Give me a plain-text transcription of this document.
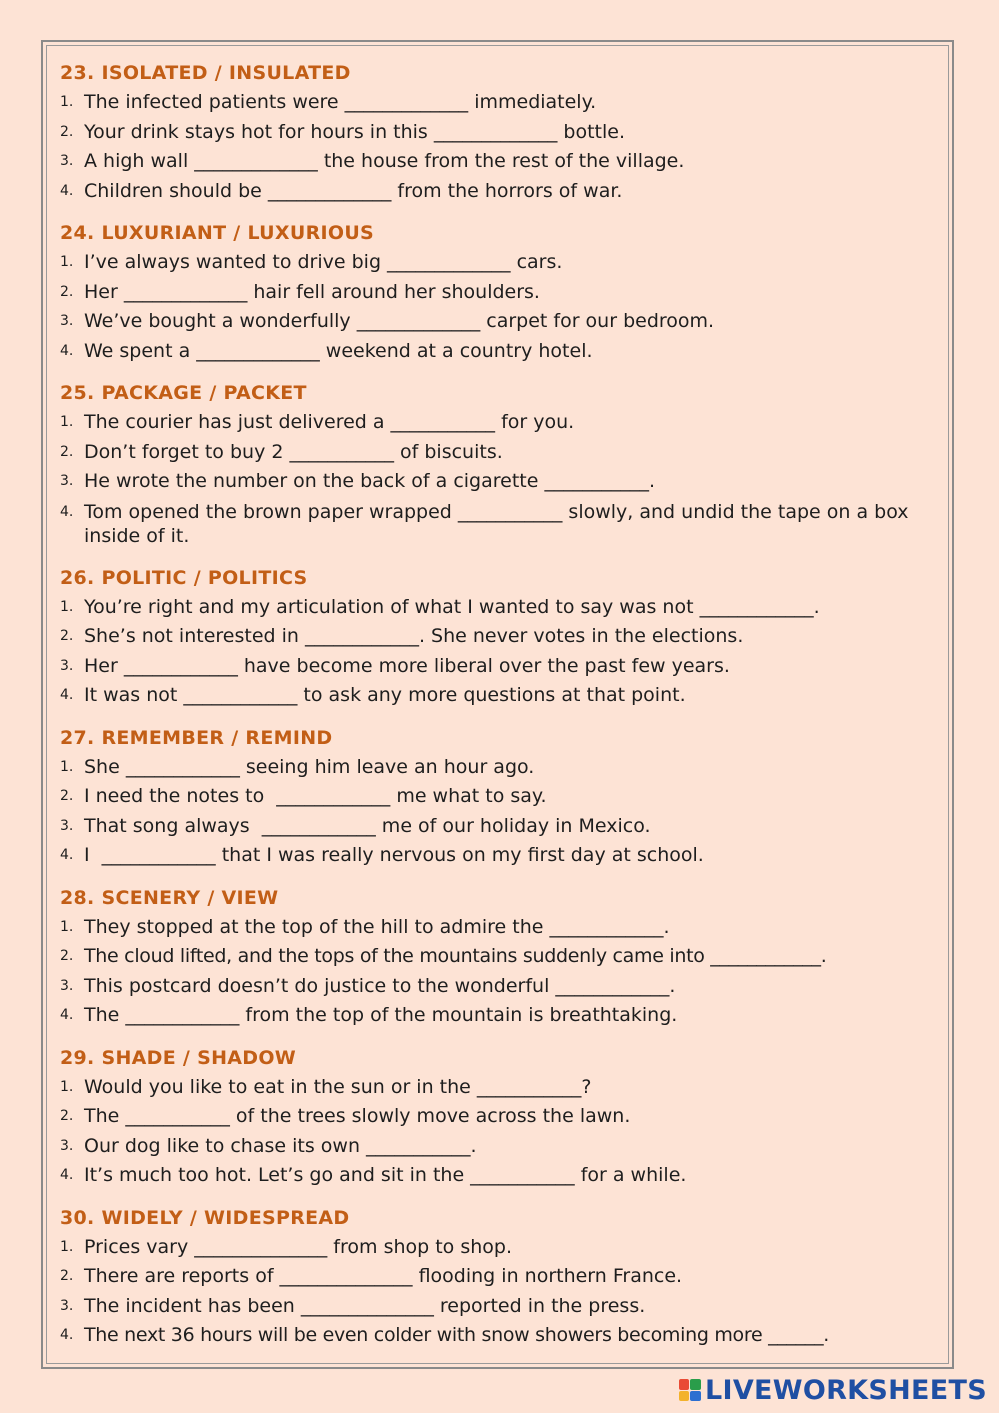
23. ISOLATED / INSULATED
1. The infected patients were _____________ immediately.
2. Your drink stays hot for hours in this _____________ bottle.
3. A high wall _____________ the house from the rest of the village.
4. Children should be _____________ from the horrors of war.
24. LUXURIANT / LUXURIOUS
1. I’ve always wanted to drive big _____________ cars.
2. Her _____________ hair fell around her shoulders.
3. We’ve bought a wonderfully _____________ carpet for our bedroom.
4. We spent a _____________ weekend at a country hotel.
25. PACKAGE / PACKET
1. The courier has just delivered a ___________ for you.
2. Don’t forget to buy 2 ___________ of biscuits.
3. He wrote the number on the back of a cigarette ___________.
4. Tom opened the brown paper wrapped ___________ slowly, and undid the tape on a box inside of it.
26. POLITIC / POLITICS
1. You’re right and my articulation of what I wanted to say was not ____________.
2. She’s not interested in ____________. She never votes in the elections.
3. Her ____________ have become more liberal over the past few years.
4. It was not ____________ to ask any more questions at that point.
27. REMEMBER / REMIND
1. She ____________ seeing him leave an hour ago.
2. I need the notes to  ____________ me what to say.
3. That song always  ____________ me of our holiday in Mexico.
4. I  ____________ that I was really nervous on my first day at school.
28. SCENERY / VIEW
1. They stopped at the top of the hill to admire the ____________.
2. The cloud lifted, and the tops of the mountains suddenly came into ____________.
3. This postcard doesn’t do justice to the wonderful ____________.
4. The ____________ from the top of the mountain is breathtaking.
29. SHADE / SHADOW
1. Would you like to eat in the sun or in the ___________?
2. The ___________ of the trees slowly move across the lawn.
3. Our dog like to chase its own ___________.
4. It’s much too hot. Let’s go and sit in the ___________ for a while.
30. WIDELY / WIDESPREAD
1. Prices vary ______________ from shop to shop.
2. There are reports of ______________ flooding in northern France.
3. The incident has been ______________ reported in the press.
4. The next 36 hours will be even colder with snow showers becoming more ______.
LIVEWORKSHEETS
